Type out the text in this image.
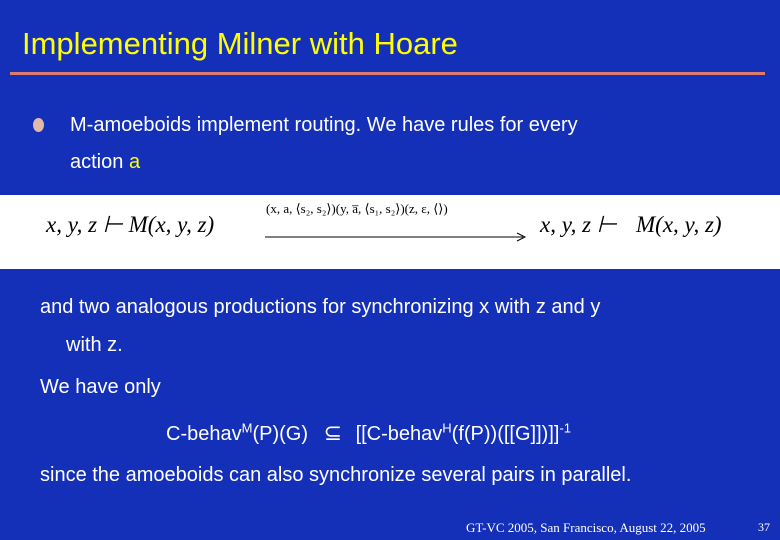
Implementing Milner with Hoare
M-amoeboids implement routing. We have rules for every
action a
x, y, z ⊢ M(x, y, z)
(x, a, ⟨s₂, s₂⟩)(y, a̅, ⟨s₁, s₂⟩)(z, ε, ⟨⟩)
x, y, z ⊢ M(x, y, z)
and two analogous productions for synchronizing x with z and y
with z.
We have only
C-behav$^M$(P)(G) ⊆ [[C-behav$^H$(f(P))([[G]])]]$^{-1}$
since the amoeboids can also synchronize several pairs in parallel.
GT-VC 2005, San Francisco, August 22, 2005	37
